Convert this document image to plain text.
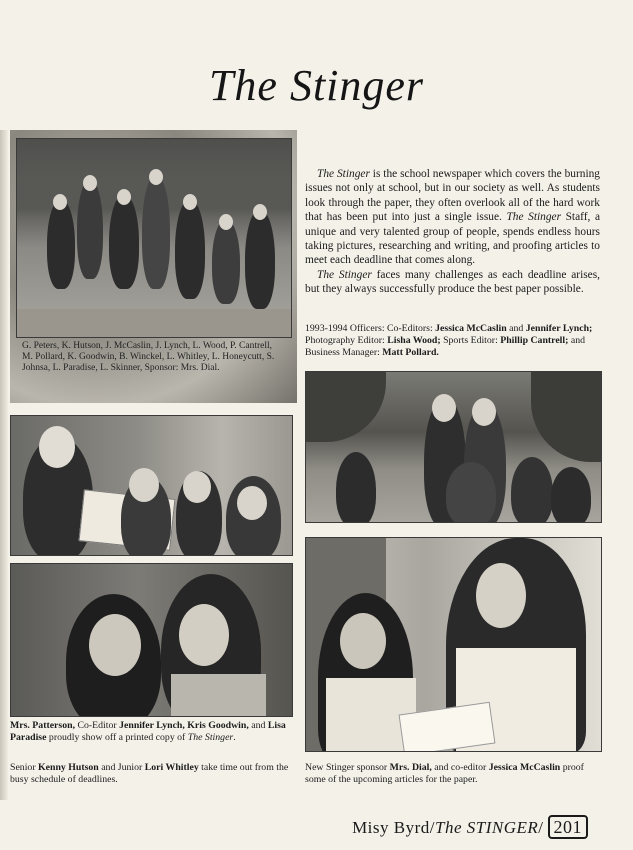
The Stinger
G. Peters, K. Hutson, J. McCaslin, J. Lynch, L. Wood, P. Cantrell, M. Pollard, K. Goodwin, B. Winckel, L. Whitley, L. Honeycutt, S. Johnsa, L. Paradise, L. Skinner, Sponsor: Mrs. Dial.

The Stinger is the school newspaper which covers the burning issues not only at school, but in our society as well. As students look through the paper, they often overlook all of the hard work that has been put into just a single issue. The Stinger Staff, a unique and very talented group of people, spends endless hours taking pictures, researching and writing, and proofing articles to meet each deadline that comes along.

The Stinger faces many challenges as each deadline arises, but they always successfully produce the best paper possible.

1993-1994 Officers: Co-Editors: Jessica McCaslin and Jennifer Lynch; Photography Editor: Lisha Wood; Sports Editor: Phillip Cantrell; and Business Manager: Matt Pollard.
Mrs. Patterson, Co-Editor Jennifer Lynch, Kris Goodwin, and Lisa Paradise proudly show off a printed copy of The Stinger.
Senior Kenny Hutson and Junior Lori Whitley take time out from the busy schedule of deadlines.
New Stinger sponsor Mrs. Dial, and co-editor Jessica McCaslin proof some of the upcoming articles for the paper.
Misy Byrd/The STINGER/ 201
